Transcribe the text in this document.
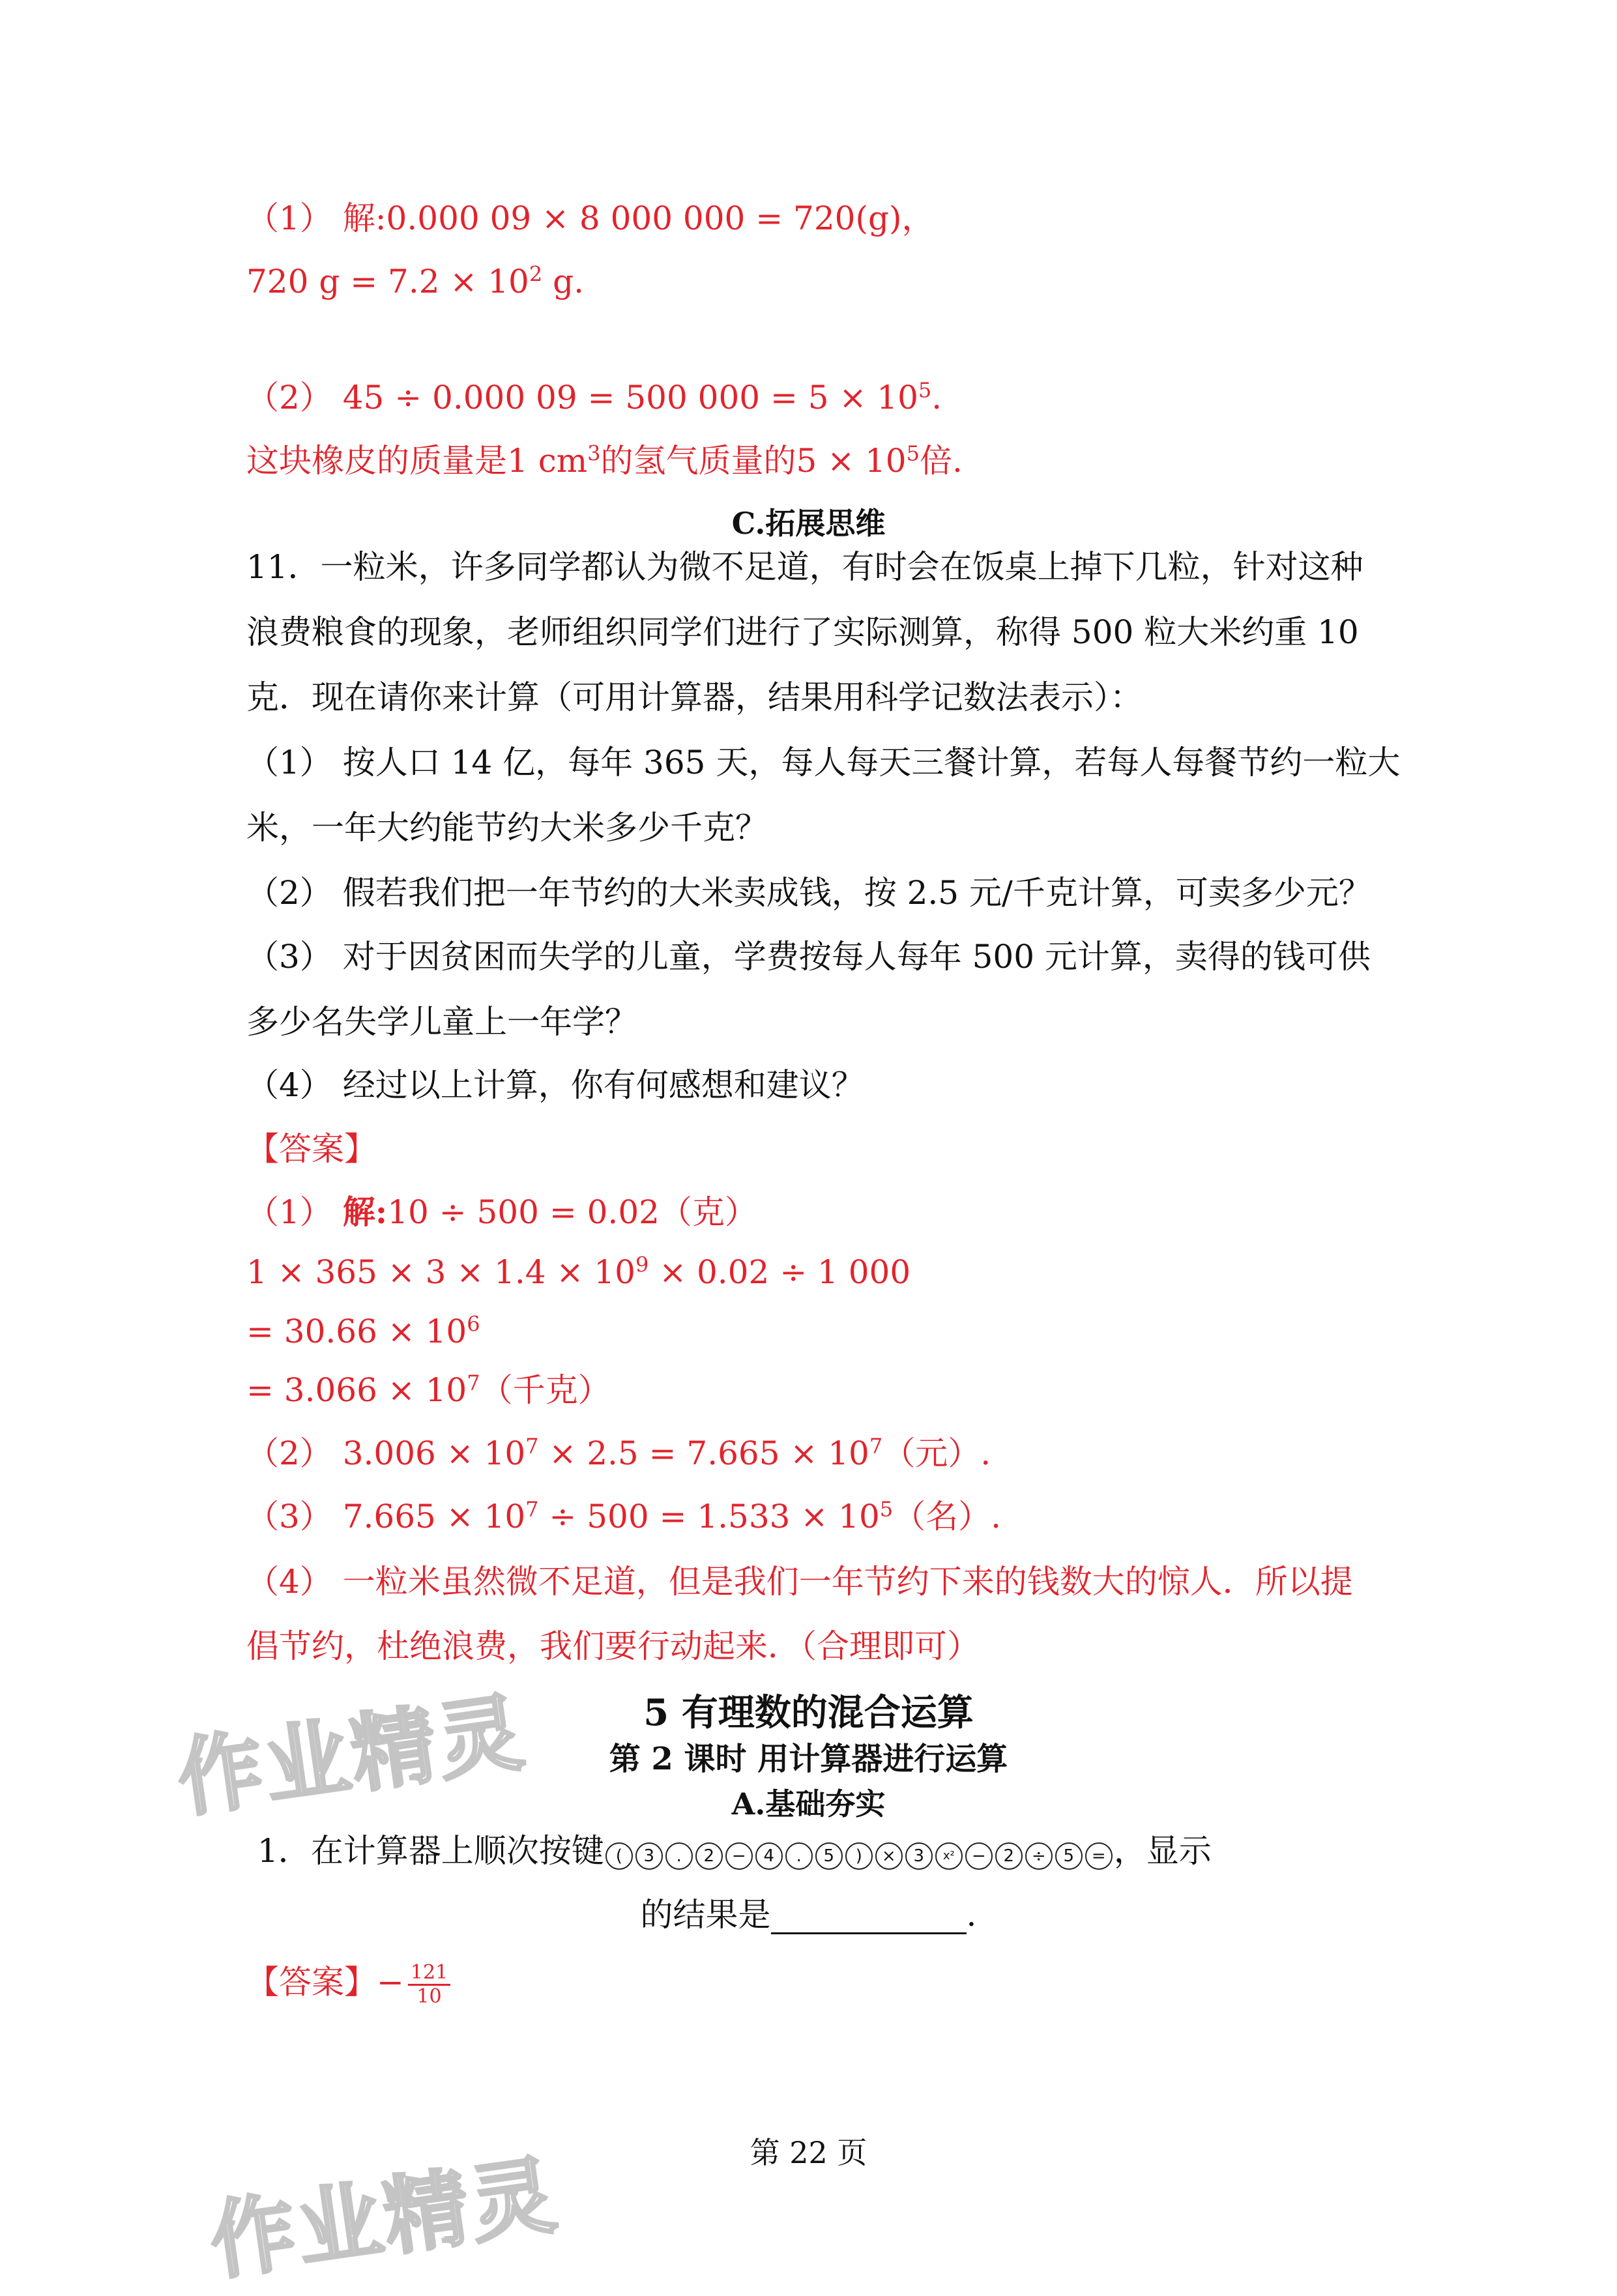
（1） 解:0.000 09 × 8 000 000 = 720(g)，
720 $g = 7.2 \times 10^2$ g.
（2） 45 ÷ 0.000 09 = 500 $000 = 5 \times 10^5$.
这块橡皮的质量是1 $cm^3$的氢气质量的$5 \times 10^5$倍.
C.拓展思维
11．一粒米，许多同学都认为微不足道，有时会在饭桌上掉下几粒，针对这种
浪费粮食的现象，老师组织同学们进行了实际测算，称得 500 粒大米约重 10
克．现在请你来计算（可用计算器，结果用科学记数法表示）：
（1） 按人口 14 亿，每年 365 天，每人每天三餐计算，若每人每餐节约一粒大
米，一年大约能节约大米多少千克？
（2） 假若我们把一年节约的大米卖成钱，按 2.5 元/千克计算，可卖多少元？
（3） 对于因贫困而失学的儿童，学费按每人每年 500 元计算，卖得的钱可供
多少名失学儿童上一年学？
（4） 经过以上计算，你有何感想和建议？
【答案】
（1） 解:10 ÷ 500 = 0.02（克）
$1 \times 365 \times 3 \times 1.4 \times 10^9 \times 0.02 \div 1$ 000
= $30.66 \times 10^6$
= $3.066 \times 10^7$（千克）
（2） $3.006 \times 10^7 \times 2.5 = 7.665 \times 10^7$（元）.
（3） $7.665 \times 10^7 \div 500 = 1.533 \times 10^5$（名）.
（4） 一粒米虽然微不足道，但是我们一年节约下来的钱数大的惊人．所以提
倡节约，杜绝浪费，我们要行动起来．（合理即可）
作业精灵	5 有理数的混合运算
第 2 课时 用计算器进行运算
A.基础夯实
1．在计算器上顺次按键 ( 3 . 2 − 4 . 5 ) × 3 x² − 2 ÷ 5 = ，显示
的结果是	.
【答案】− $\frac{121}{10}$
第 22 页
作业精灵
